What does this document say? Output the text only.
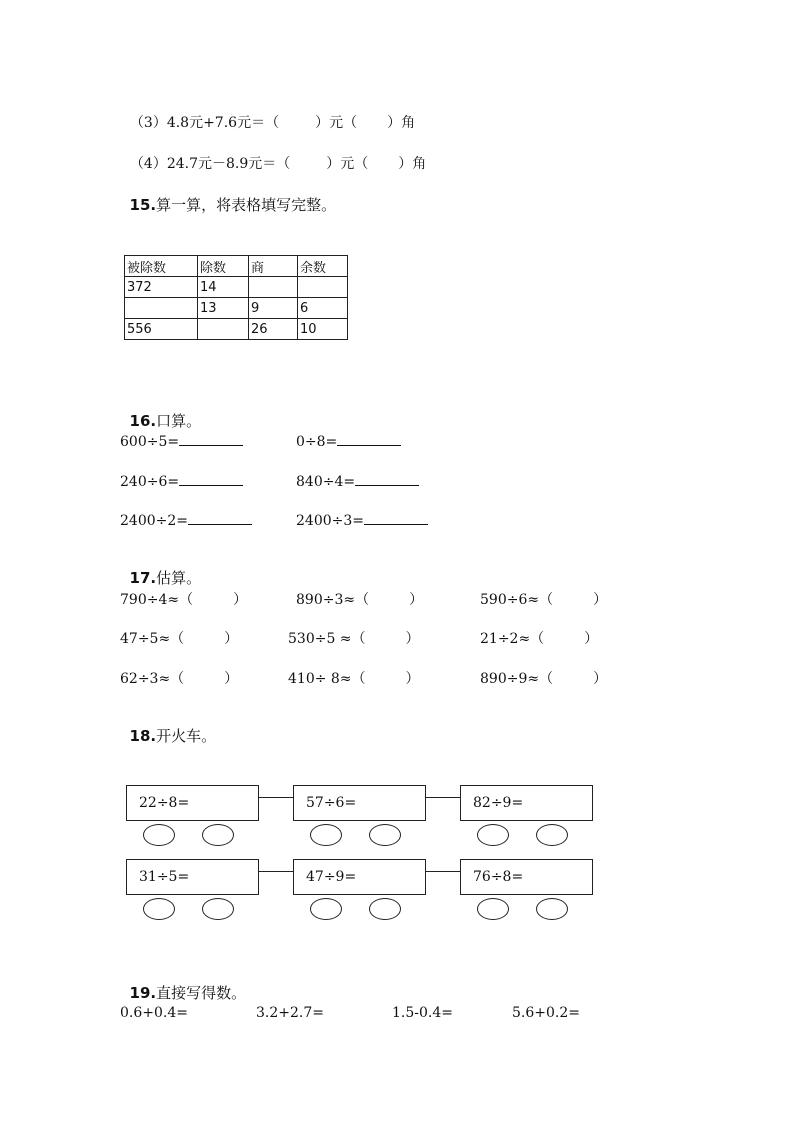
（3）4.8元+7.6元＝（	）元（ ）角

（4）24.7元－8.9元＝（	）元（ ）角

15.算一算，将表格填写完整。

被除数	除数	商	余数
372	14		
	13	9	6
556		26	10

16.口算。

600÷5=	0÷8=
240÷6=	840÷4=
2400÷2=	2400÷3=

17.估算。

790÷4≈（	）	890÷3≈（	）	590÷6≈（	）
47÷5≈（	）	530÷5 ≈（	）	21÷2≈（	）
62÷3≈（	）	410÷ 8≈（	）	890÷9≈（	）

18.开火车。

22÷8=	57÷6=	82÷9=
31÷5=	47÷9=	76÷8=

19.直接写得数。

0.6+0.4=	3.2+2.7=	1.5-0.4=	5.6+0.2=
